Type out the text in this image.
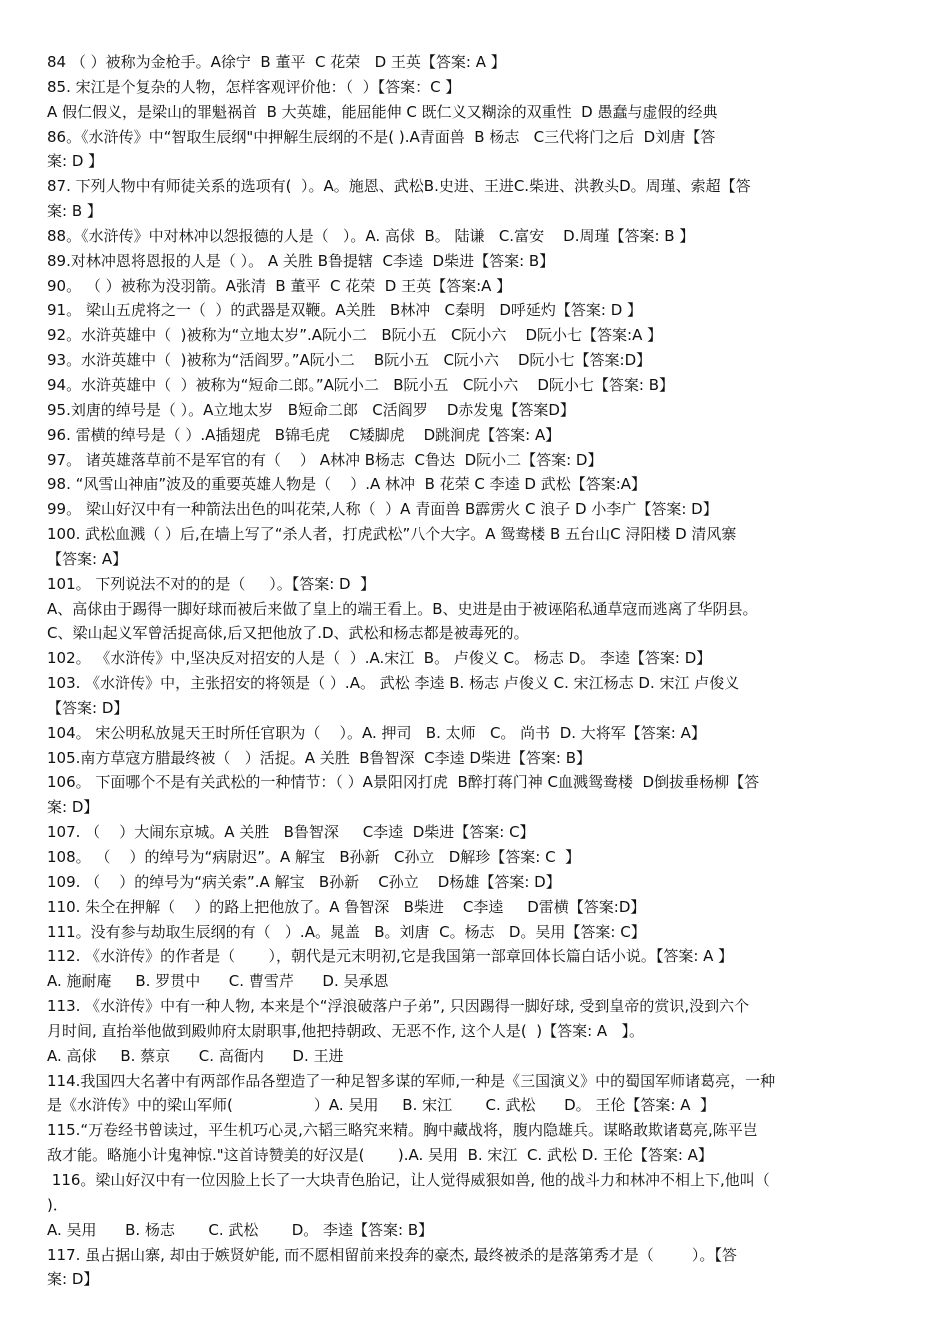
84 （ ）被称为金枪手。A徐宁  B 董平  C 花荣   D 王英【答案: A 】

85. 宋江是个复杂的人物，怎样客观评价他：（  ）【答案：C 】

A 假仁假义，是梁山的罪魁祸首  B 大英雄，能屈能伸 C 既仁义又糊涂的双重性  D 愚蠢与虚假的经典

86。《水浒传》中“智取生辰纲"中押解生辰纲的不是( ).A青面兽  B 杨志   C三代将门之后  D刘唐【答

案: D 】

87. 下列人物中有师徒关系的选项有(  ）。A。施恩、武松B.史进、王进C.柴进、洪教头D。周瑾、索超【答

案: B 】

88。《水浒传》中对林冲以怨报德的人是（   ）。A. 高俅  B。 陆谦   C.富安    D.周瑾【答案: B 】

89.对林冲恩将恩报的人是（ ）。 A 关胜 B鲁提辖  C李逵  D柴进【答案: B】

90。 （ ）被称为没羽箭。A张清  B 董平  C 花荣  D 王英【答案:A 】

91。 梁山五虎将之一（  ）的武器是双鞭。A关胜   B林冲   C秦明   D呼延灼【答案: D 】

92。水浒英雄中（  )被称为“立地太岁”.A阮小二   B阮小五   C阮小六    D阮小七【答案:A 】

93。水浒英雄中（  )被称为“活阎罗。”A阮小二    B阮小五   C阮小六    D阮小七【答案:D】

94。水浒英雄中（  ）被称为“短命二郎。”A阮小二   B阮小五   C阮小六    D阮小七【答案: B】

95.刘唐的绰号是（ ）。A立地太岁   B短命二郎   C活阎罗    D赤发鬼【答案D】

96. 雷横的绰号是（ ）.A插翅虎   B锦毛虎    C矮脚虎    D跳涧虎【答案: A】

97。 诸英雄落草前不是军官的有（    ） A林冲 B杨志  C鲁达  D阮小二【答案: D】

98. “风雪山神庙”波及的重要英雄人物是（    ）.A 林冲  B 花荣 C 李逵 D 武松【答案:A】

99。 梁山好汉中有一种箭法出色的叫花荣,人称（  ）A 青面兽 B霹雳火 C 浪子 D 小李广【答案: D】

100. 武松血溅（ ）后,在墙上写了“杀人者，打虎武松”八个大字。A 鸳鸯楼 B 五台山C 浔阳楼 D 清风寨

【答案: A】

101。 下列说法不对的的是（     ）。【答案: D  】

A、高俅由于踢得一脚好球而被后来做了皇上的端王看上。B、史进是由于被诬陷私通草寇而逃离了华阴县。

C、梁山起义军曾活捉高俅,后又把他放了.D、武松和杨志都是被毒死的。

102。 《水浒传》中,坚决反对招安的人是（  ）.A.宋江  B。 卢俊义 C。 杨志 D。 李逵【答案: D】

103. 《水浒传》中，主张招安的将领是（ ）.A。 武松 李逵 B. 杨志 卢俊义 C. 宋江杨志 D. 宋江 卢俊义

【答案: D】

104。 宋公明私放晁天王时所任官职为（    ）。A. 押司   B. 太师   C。 尚书  D. 大将军【答案: A】

105.南方草寇方腊最终被（   ）活捉。A 关胜  B鲁智深  C李逵 D柴进【答案: B】

106。 下面哪个不是有关武松的一种情节：（ ）A景阳冈打虎  B醉打蒋门神 C血溅鸳鸯楼  D倒拔垂杨柳【答

案: D】

107. （    ）大闹东京城。A 关胜   B鲁智深     C李逵  D柴进【答案: C】

108。 （    ）的绰号为“病尉迟”。A 解宝   B孙新   C孙立   D解珍【答案: C  】

109. （    ）的绰号为“病关索”.A 解宝   B孙新    C孙立    D杨雄【答案: D】

110. 朱仝在押解（    ）的路上把他放了。A 鲁智深   B柴进    C李逵     D雷横【答案:D】

111。没有参与劫取生辰纲的有（   ）.A。晁盖   B。刘唐  C。杨志   D。吴用【答案: C】

112. 《水浒传》的作者是（       ），朝代是元末明初,它是我国第一部章回体长篇白话小说。【答案: A 】

A. 施耐庵     B. 罗贯中      C. 曹雪芹      D. 吴承恩

113. 《水浒传》中有一种人物, 本来是个“浮浪破落户子弟”, 只因踢得一脚好球, 受到皇帝的赏识,没到六个

月时间, 直抬举他做到殿帅府太尉职事,他把持朝政、无恶不作, 这个人是(  )【答案: A   】。

A. 高俅     B. 蔡京      C. 高衙内      D. 王进

114.我国四大名著中有两部作品各塑造了一种足智多谋的军师,一种是《三国演义》中的蜀国军师诸葛亮，一种

是《水浒传》中的梁山军师(                 ）A. 吴用     B. 宋江       C. 武松      D。 王伦【答案: A  】

115.“万卷经书曾读过，平生机巧心灵,六韬三略究来精。胸中藏战将，腹内隐雄兵。谋略敢欺诸葛亮,陈平岂

敌才能。略施小计鬼神惊."这首诗赞美的好汉是(       ).A. 吴用  B. 宋江  C. 武松 D. 王伦【答案: A】

116。梁山好汉中有一位因脸上长了一大块青色胎记，让人觉得威狠如兽, 他的战斗力和林冲不相上下,他叫（

)．

A. 吴用      B. 杨志       C. 武松       D。 李逵【答案: B】

117. 虽占据山寨, 却由于嫉贤妒能, 而不愿相留前来投奔的豪杰, 最终被杀的是落第秀才是（        ）。【答

案: D】
